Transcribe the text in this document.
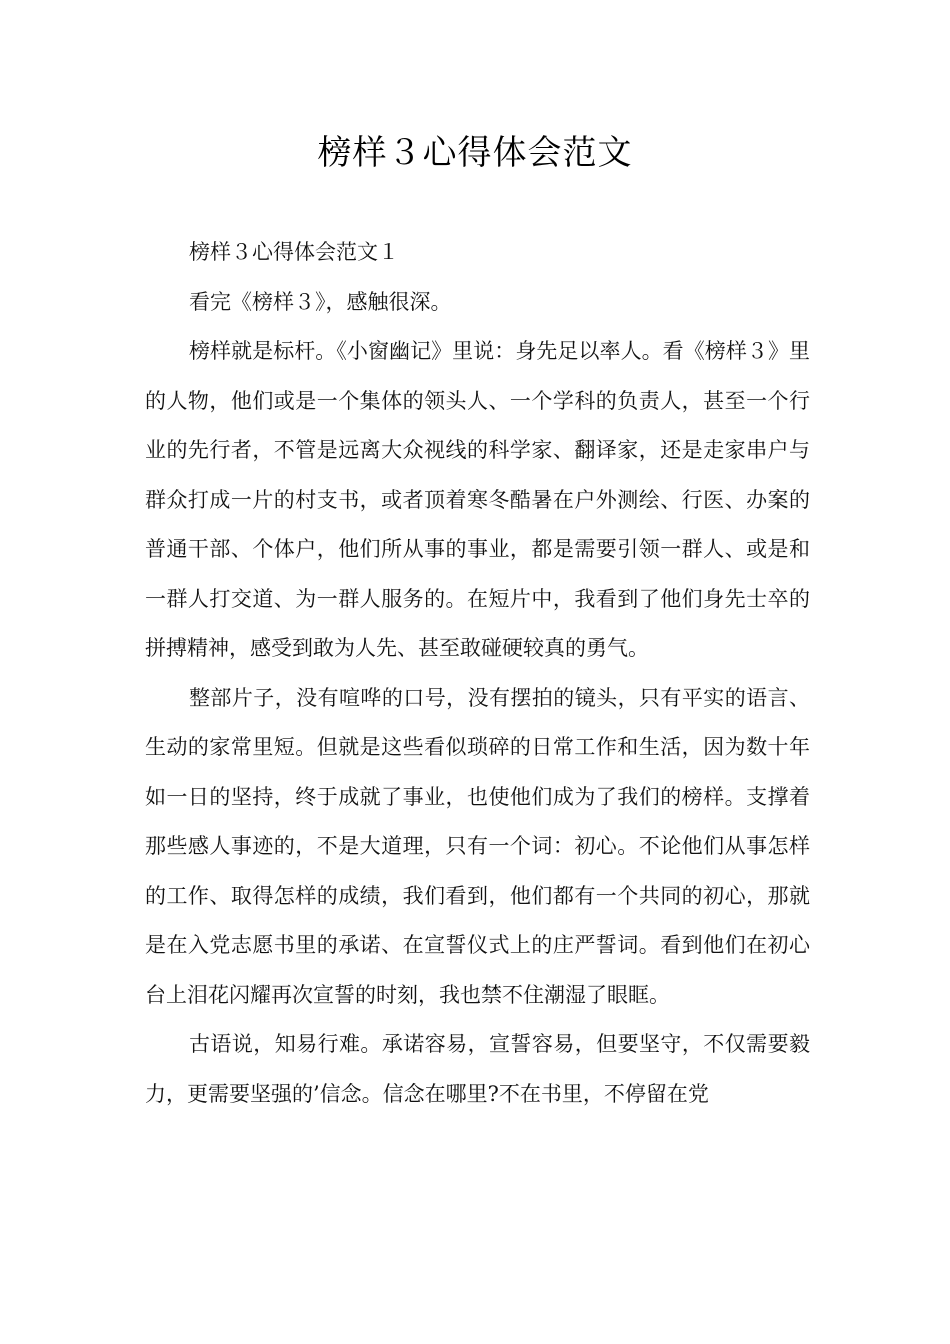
榜样３心得体会范文

榜样３心得体会范文１

看完《榜样３》，感触很深。

榜样就是标杆。《小窗幽记》里说：身先足以率人。看《榜样３》里的人物，他们或是一个集体的领头人、一个学科的负责人，甚至一个行业的先行者，不管是远离大众视线的科学家、翻译家，还是走家串户与群众打成一片的村支书，或者顶着寒冬酷暑在户外测绘、行医、办案的普通干部、个体户，他们所从事的事业，都是需要引领一群人、或是和一群人打交道、为一群人服务的。在短片中，我看到了他们身先士卒的拼搏精神，感受到敢为人先、甚至敢碰硬较真的勇气。

整部片子，没有喧哗的口号，没有摆拍的镜头，只有平实的语言、生动的家常里短。但就是这些看似琐碎的日常工作和生活，因为数十年如一日的坚持，终于成就了事业，也使他们成为了我们的榜样。支撑着那些感人事迹的，不是大道理，只有一个词：初心。不论他们从事怎样的工作、取得怎样的成绩，我们看到，他们都有一个共同的初心，那就是在入党志愿书里的承诺、在宣誓仪式上的庄严誓词。看到他们在初心台上泪花闪耀再次宣誓的时刻，我也禁不住潮湿了眼眶。

古语说，知易行难。承诺容易，宣誓容易，但要坚守，不仅需要毅力，更需要坚强的’信念。信念在哪里?不在书里，不停留在党
